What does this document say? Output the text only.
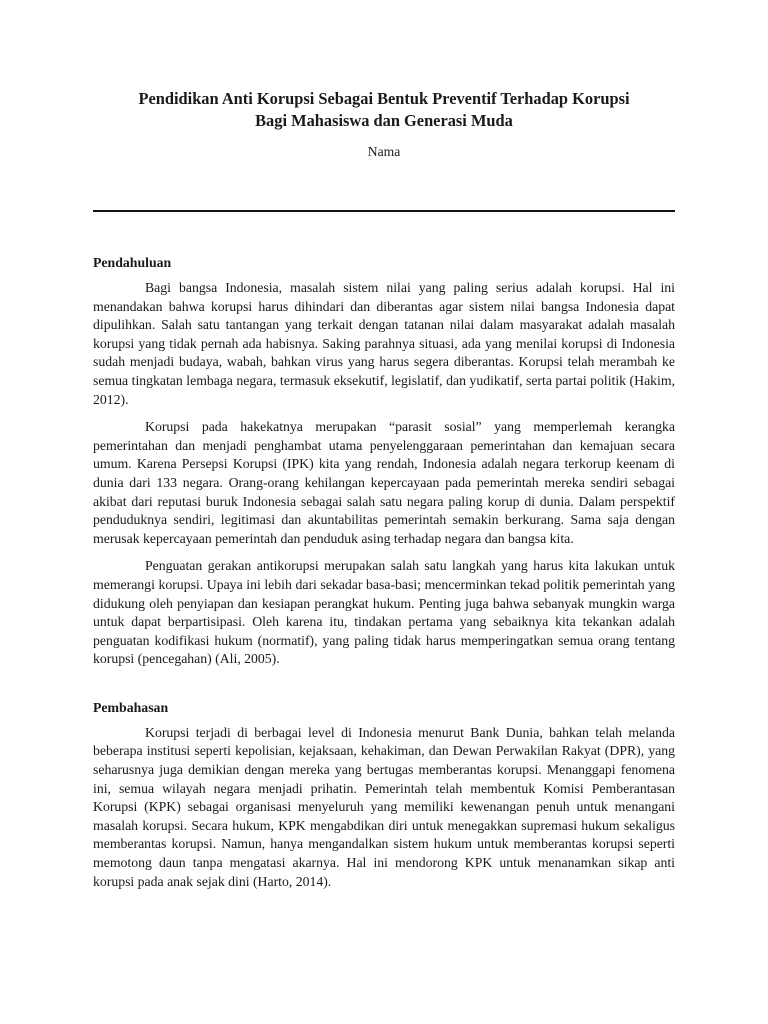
Pendidikan Anti Korupsi Sebagai Bentuk Preventif Terhadap Korupsi
Bagi Mahasiswa dan Generasi Muda
Nama
Pendahuluan

Bagi bangsa Indonesia, masalah sistem nilai yang paling serius adalah korupsi. Hal ini menandakan bahwa korupsi harus dihindari dan diberantas agar sistem nilai bangsa Indonesia dapat dipulihkan. Salah satu tantangan yang terkait dengan tatanan nilai dalam masyarakat adalah masalah korupsi yang tidak pernah ada habisnya. Saking parahnya situasi, ada yang menilai korupsi di Indonesia sudah menjadi budaya, wabah, bahkan virus yang harus segera diberantas. Korupsi telah merambah ke semua tingkatan lembaga negara, termasuk eksekutif, legislatif, dan yudikatif, serta partai politik (Hakim, 2012).

Korupsi pada hakekatnya merupakan “parasit sosial” yang memperlemah kerangka pemerintahan dan menjadi penghambat utama penyelenggaraan pemerintahan dan kemajuan secara umum. Karena Persepsi Korupsi (IPK) kita yang rendah, Indonesia adalah negara terkorup keenam di dunia dari 133 negara. Orang-orang kehilangan kepercayaan pada pemerintah mereka sendiri sebagai akibat dari reputasi buruk Indonesia sebagai salah satu negara paling korup di dunia. Dalam perspektif penduduknya sendiri, legitimasi dan akuntabilitas pemerintah semakin berkurang. Sama saja dengan merusak kepercayaan pemerintah dan penduduk asing terhadap negara dan bangsa kita.

Penguatan gerakan antikorupsi merupakan salah satu langkah yang harus kita lakukan untuk memerangi korupsi. Upaya ini lebih dari sekadar basa-basi; mencerminkan tekad politik pemerintah yang didukung oleh penyiapan dan kesiapan perangkat hukum. Penting juga bahwa sebanyak mungkin warga untuk dapat berpartisipasi. Oleh karena itu, tindakan pertama yang sebaiknya kita tekankan adalah penguatan kodifikasi hukum (normatif), yang paling tidak harus memperingatkan semua orang tentang korupsi (pencegahan) (Ali, 2005).

Pembahasan

Korupsi terjadi di berbagai level di Indonesia menurut Bank Dunia, bahkan telah melanda beberapa institusi seperti kepolisian, kejaksaan, kehakiman, dan Dewan Perwakilan Rakyat (DPR), yang seharusnya juga demikian dengan mereka yang bertugas memberantas korupsi. Menanggapi fenomena ini, semua wilayah negara menjadi prihatin. Pemerintah telah membentuk Komisi Pemberantasan Korupsi (KPK) sebagai organisasi menyeluruh yang memiliki kewenangan penuh untuk menangani masalah korupsi. Secara hukum, KPK mengabdikan diri untuk menegakkan supremasi hukum sekaligus memberantas korupsi. Namun, hanya mengandalkan sistem hukum untuk memberantas korupsi seperti memotong daun tanpa mengatasi akarnya. Hal ini mendorong KPK untuk menanamkan sikap anti korupsi pada anak sejak dini (Harto, 2014).
